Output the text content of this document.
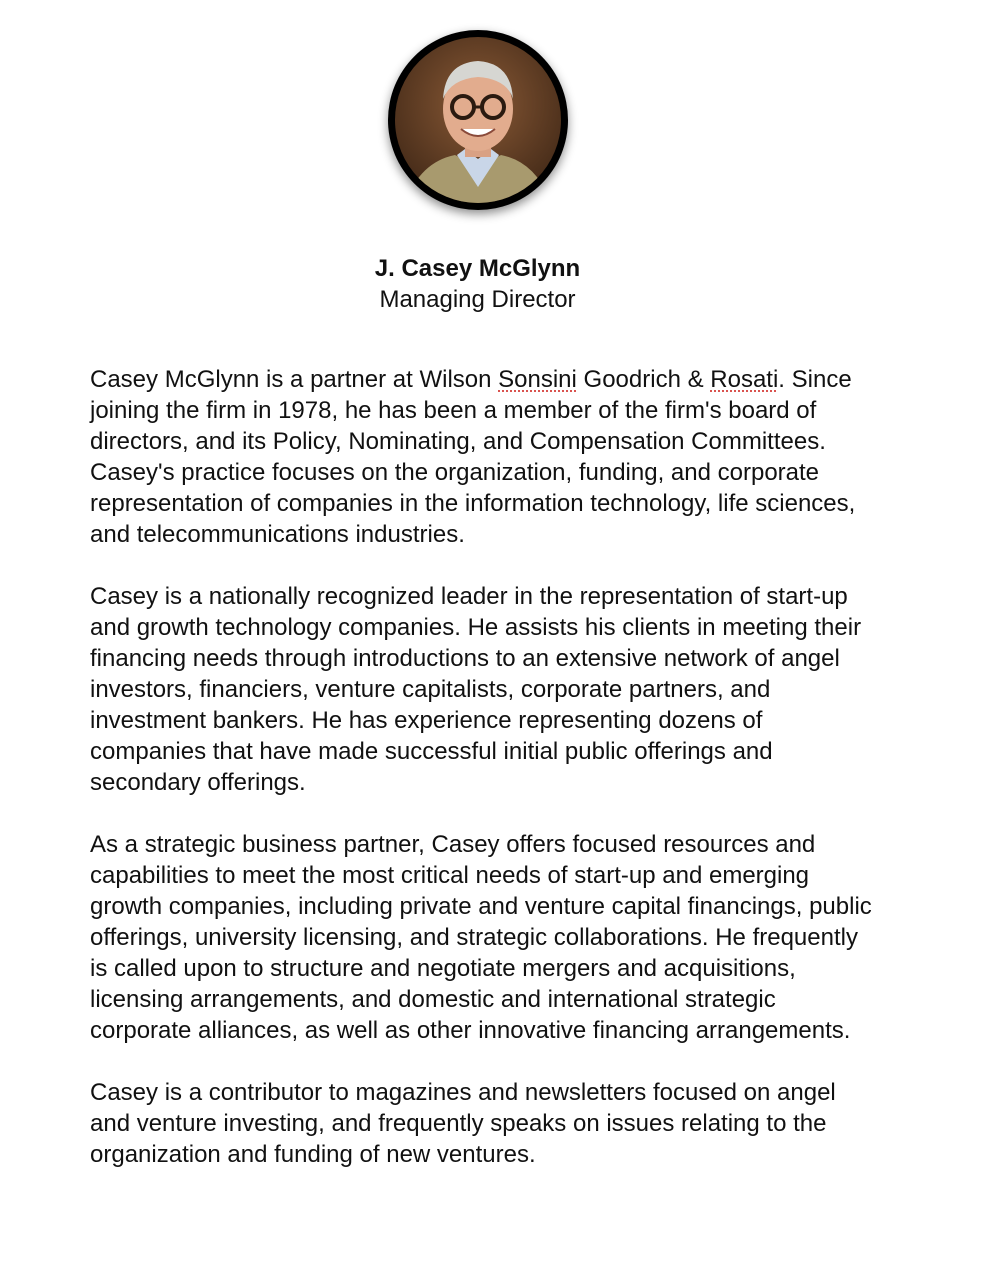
J. Casey McGlynn
Managing Director

Casey McGlynn is a partner at Wilson Sonsini Goodrich & Rosati. Since joining the firm in 1978, he has been a member of the firm's board of directors, and its Policy, Nominating, and Compensation Committees. Casey's practice focuses on the organization, funding, and corporate representation of companies in the information technology, life sciences, and telecommunications industries.

Casey is a nationally recognized leader in the representation of start-up and growth technology companies. He assists his clients in meeting their financing needs through introductions to an extensive network of angel investors, financiers, venture capitalists, corporate partners, and investment bankers. He has experience representing dozens of companies that have made successful initial public offerings and secondary offerings.

As a strategic business partner, Casey offers focused resources and capabilities to meet the most critical needs of start-up and emerging growth companies, including private and venture capital financings, public offerings, university licensing, and strategic collaborations. He frequently is called upon to structure and negotiate mergers and acquisitions, licensing arrangements, and domestic and international strategic corporate alliances, as well as other innovative financing arrangements.

Casey is a contributor to magazines and newsletters focused on angel and venture investing, and frequently speaks on issues relating to the organization and funding of new ventures.
